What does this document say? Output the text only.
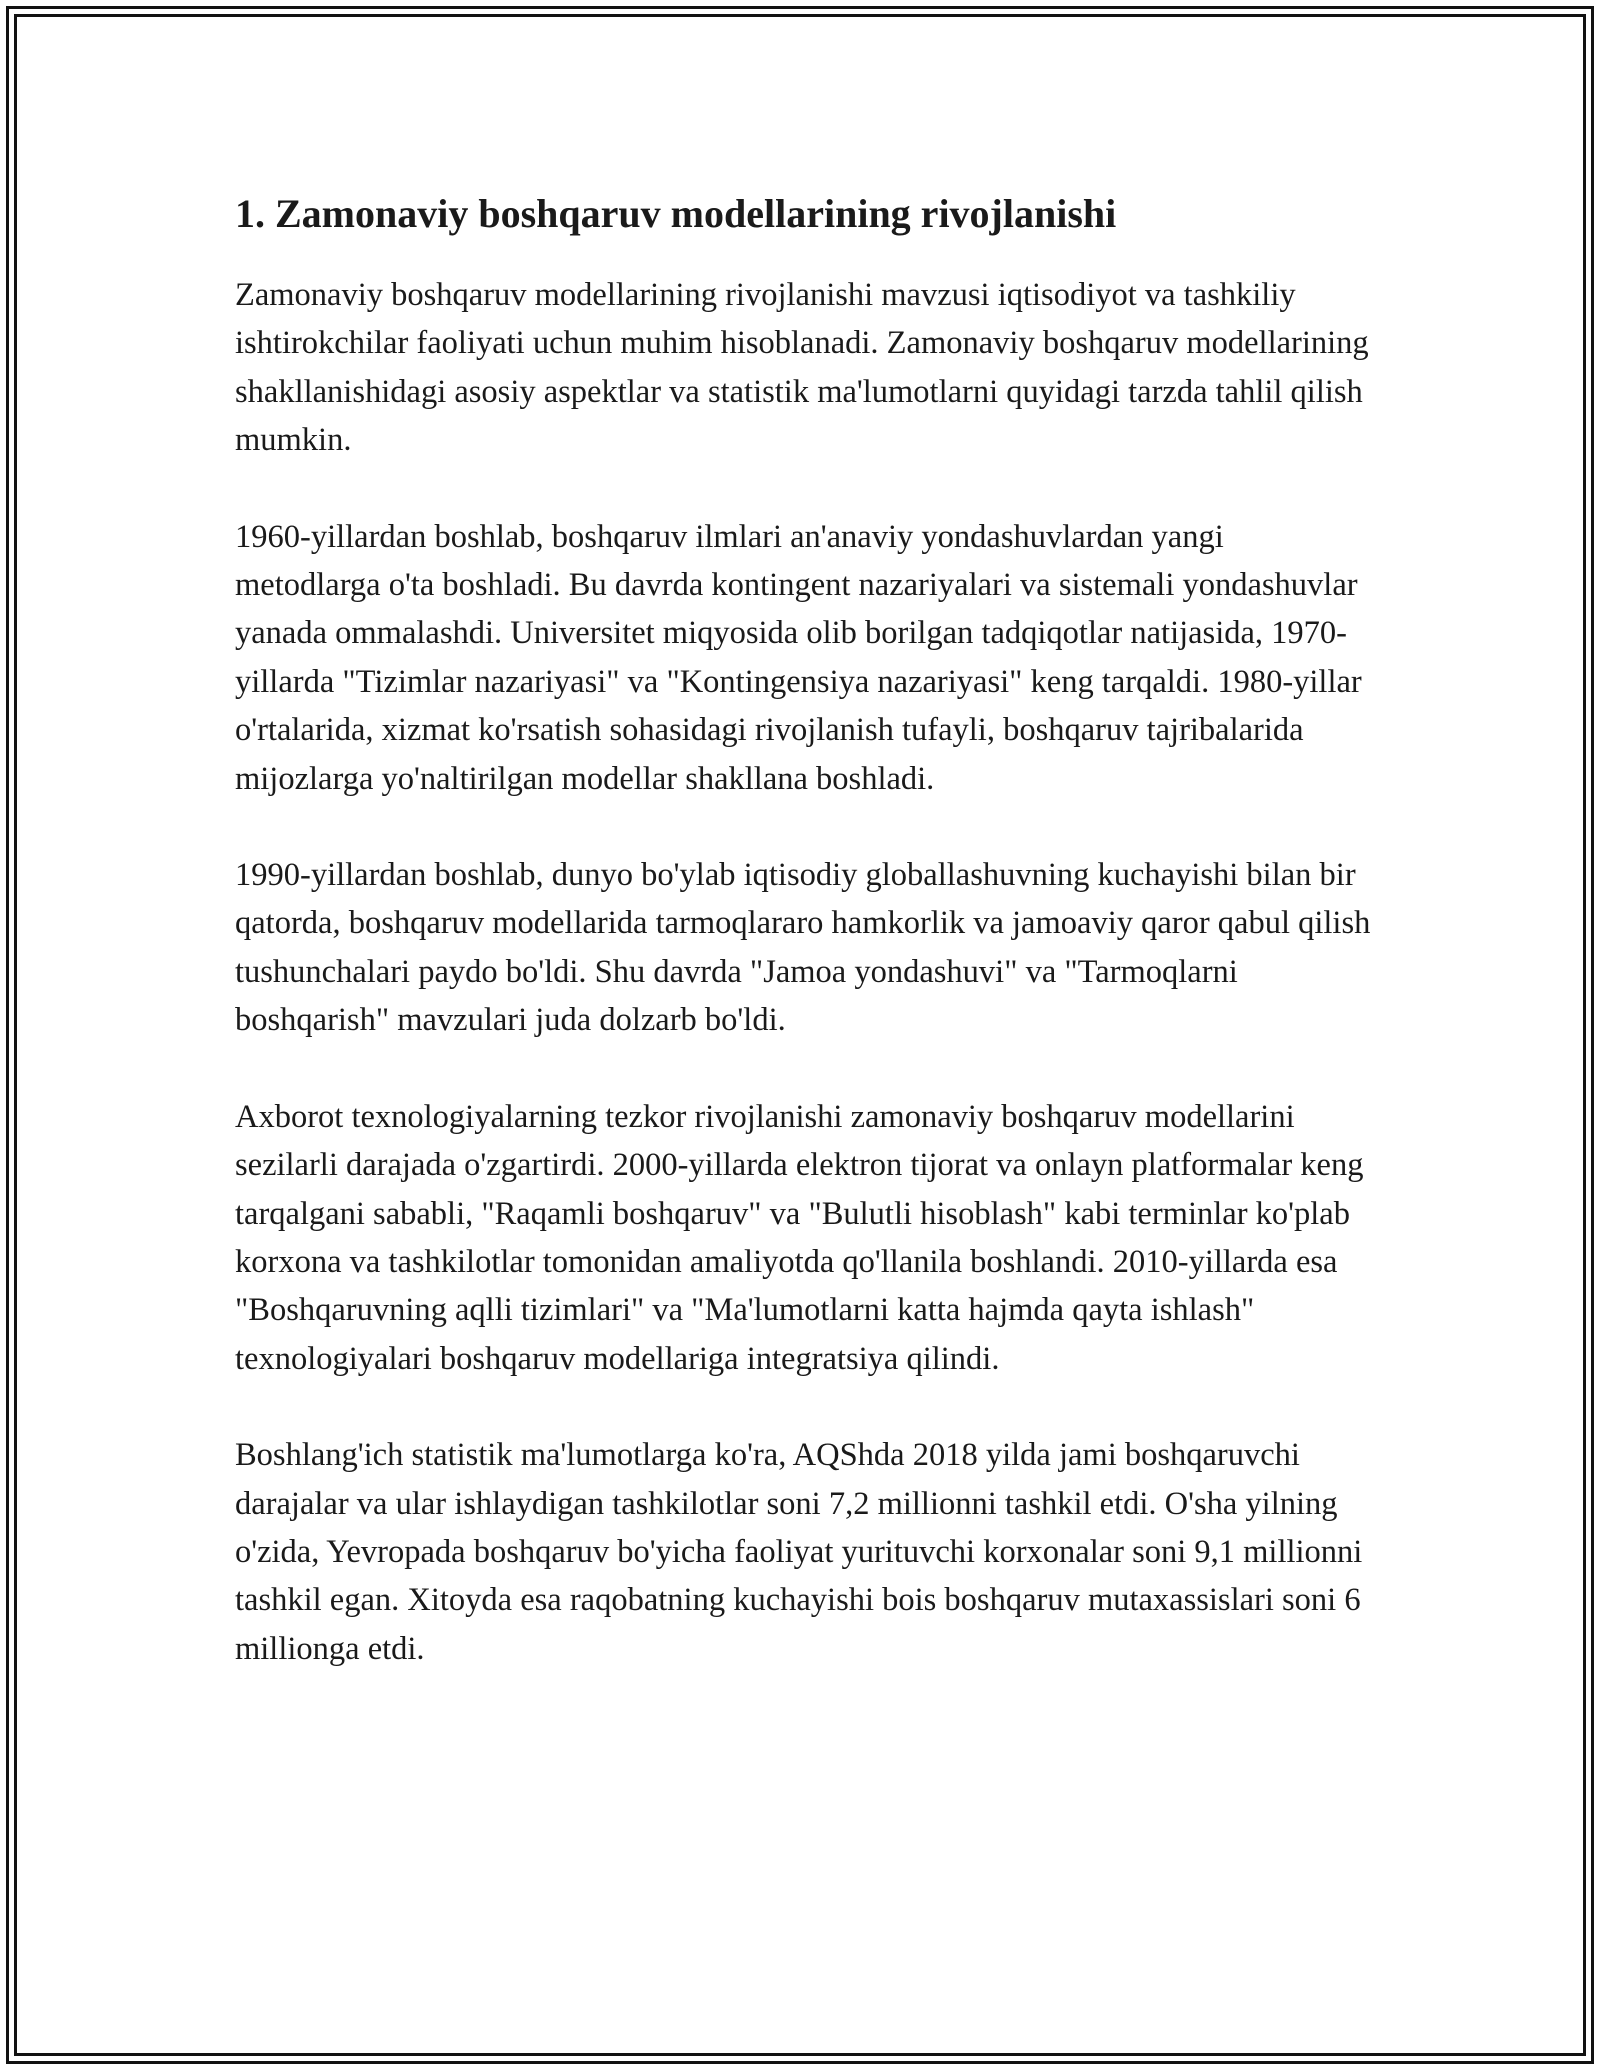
1. Zamonaviy boshqaruv modellarining rivojlanishi

Zamonaviy boshqaruv modellarining rivojlanishi mavzusi iqtisodiyot va tashkiliy ishtirokchilar faoliyati uchun muhim hisoblanadi. Zamonaviy boshqaruv modellarining shakllanishidagi asosiy aspektlar va statistik ma'lumotlarni quyidagi tarzda tahlil qilish mumkin.

1960-yillardan boshlab, boshqaruv ilmlari an'anaviy yondashuvlardan yangi metodlarga o'ta boshladi. Bu davrda kontingent nazariyalari va sistemali yondashuvlar yanada ommalashdi. Universitet miqyosida olib borilgan tadqiqotlar natijasida, 1970-yillarda "Tizimlar nazariyasi" va "Kontingensiya nazariyasi" keng tarqaldi. 1980-yillar o'rtalarida, xizmat ko'rsatish sohasidagi rivojlanish tufayli, boshqaruv tajribalarida mijozlarga yo'naltirilgan modellar shakllana boshladi.

1990-yillardan boshlab, dunyo bo'ylab iqtisodiy globallashuvning kuchayishi bilan bir qatorda, boshqaruv modellarida tarmoqlararo hamkorlik va jamoaviy qaror qabul qilish tushunchalari paydo bo'ldi. Shu davrda "Jamoa yondashuvi" va "Tarmoqlarni boshqarish" mavzulari juda dolzarb bo'ldi.

Axborot texnologiyalarning tezkor rivojlanishi zamonaviy boshqaruv modellarini sezilarli darajada o'zgartirdi. 2000-yillarda elektron tijorat va onlayn platformalar keng tarqalgani sababli, "Raqamli boshqaruv" va "Bulutli hisoblash" kabi terminlar ko'plab korxona va tashkilotlar tomonidan amaliyotda qo'llanila boshlandi. 2010-yillarda esa "Boshqaruvning aqlli tizimlari" va "Ma'lumotlarni katta hajmda qayta ishlash" texnologiyalari boshqaruv modellariga integratsiya qilindi.

Boshlang'ich statistik ma'lumotlarga ko'ra, AQShda 2018 yilda jami boshqaruvchi darajalar va ular ishlaydigan tashkilotlar soni 7,2 millionni tashkil etdi. O'sha yilning o'zida, Yevropada boshqaruv bo'yicha faoliyat yurituvchi korxonalar soni 9,1 millionni tashkil egan. Xitoyda esa raqobatning kuchayishi bois boshqaruv mutaxassislari soni 6 millionga etdi.
